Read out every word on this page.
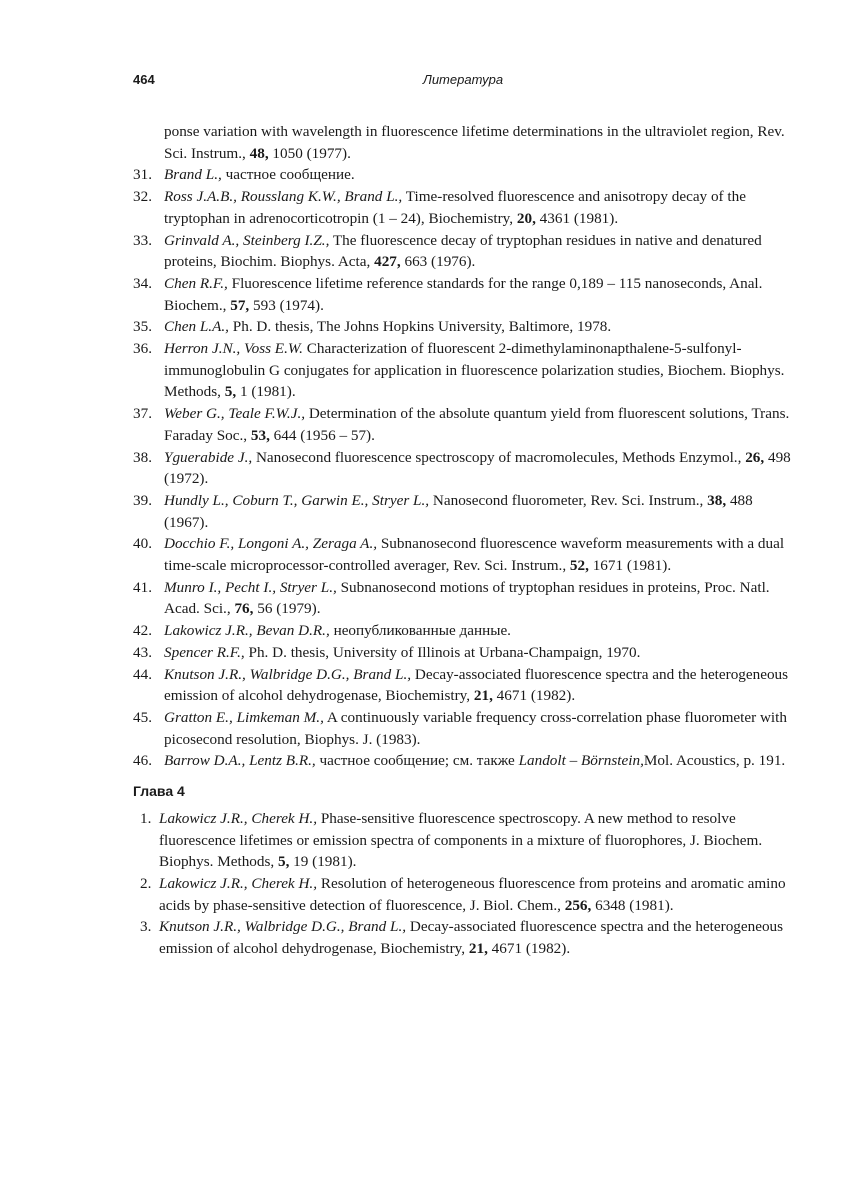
464	Литература
ponse variation with wavelength in fluorescence lifetime determinations in the ultraviolet region, Rev. Sci. Instrum., 48, 1050 (1977).
31. Brand L., частное сообщение.
32. Ross J.A.B., Rousslang K.W., Brand L., Time-resolved fluorescence and anisotropy decay of the tryptophan in adrenocorticotropin (1 – 24), Biochemistry, 20, 4361 (1981).
33. Grinvald A., Steinberg I.Z., The fluorescence decay of tryptophan residues in native and denatured proteins, Biochim. Biophys. Acta, 427, 663 (1976).
34. Chen R.F., Fluorescence lifetime reference standards for the range 0,189 – 115 nanoseconds, Anal. Biochem., 57, 593 (1974).
35. Chen L.A., Ph. D. thesis, The Johns Hopkins University, Baltimore, 1978.
36. Herron J.N., Voss E.W. Characterization of fluorescent 2-dimethylaminonapthalene-5-sulfonyl-immunoglobulin G conjugates for application in fluorescence polarization studies, Biochem. Biophys. Methods, 5, 1 (1981).
37. Weber G., Teale F.W.J., Determination of the absolute quantum yield from fluorescent solutions, Trans. Faraday Soc., 53, 644 (1956 – 57).
38. Yguerabide J., Nanosecond fluorescence spectroscopy of macromolecules, Methods Enzymol., 26, 498 (1972).
39. Hundly L., Coburn T., Garwin E., Stryer L., Nanosecond fluorometer, Rev. Sci. Instrum., 38, 488 (1967).
40. Docchio F., Longoni A., Zeraga A., Subnanosecond fluorescence waveform measurements with a dual time-scale microprocessor-controlled averager, Rev. Sci. Instrum., 52, 1671 (1981).
41. Munro I., Pecht I., Stryer L., Subnanosecond motions of tryptophan residues in proteins, Proc. Natl. Acad. Sci., 76, 56 (1979).
42. Lakowicz J.R., Bevan D.R., неопубликованные данные.
43. Spencer R.F., Ph. D. thesis, University of Illinois at Urbana-Champaign, 1970.
44. Knutson J.R., Walbridge D.G., Brand L., Decay-associated fluorescence spectra and the heterogeneous emission of alcohol dehydrogenase, Biochemistry, 21, 4671 (1982).
45. Gratton E., Limkeman M., A continuously variable frequency cross-correlation phase fluorometer with picosecond resolution, Biophys. J. (1983).
46. Barrow D.A., Lentz B.R., частное сообщение; см. также Landolt – Börnstein,Mol. Acoustics, p. 191.
Глава 4
1. Lakowicz J.R., Cherek H., Phase-sensitive fluorescence spectroscopy. A new method to resolve fluorescence lifetimes or emission spectra of components in a mixture of fluorophores, J. Biochem. Biophys. Methods, 5, 19 (1981).
2. Lakowicz J.R., Cherek H., Resolution of heterogeneous fluorescence from proteins and aromatic amino acids by phase-sensitive detection of fluorescence, J. Biol. Chem., 256, 6348 (1981).
3. Knutson J.R., Walbridge D.G., Brand L., Decay-associated fluorescence spectra and the heterogeneous emission of alcohol dehydrogenase, Biochemistry, 21, 4671 (1982).
